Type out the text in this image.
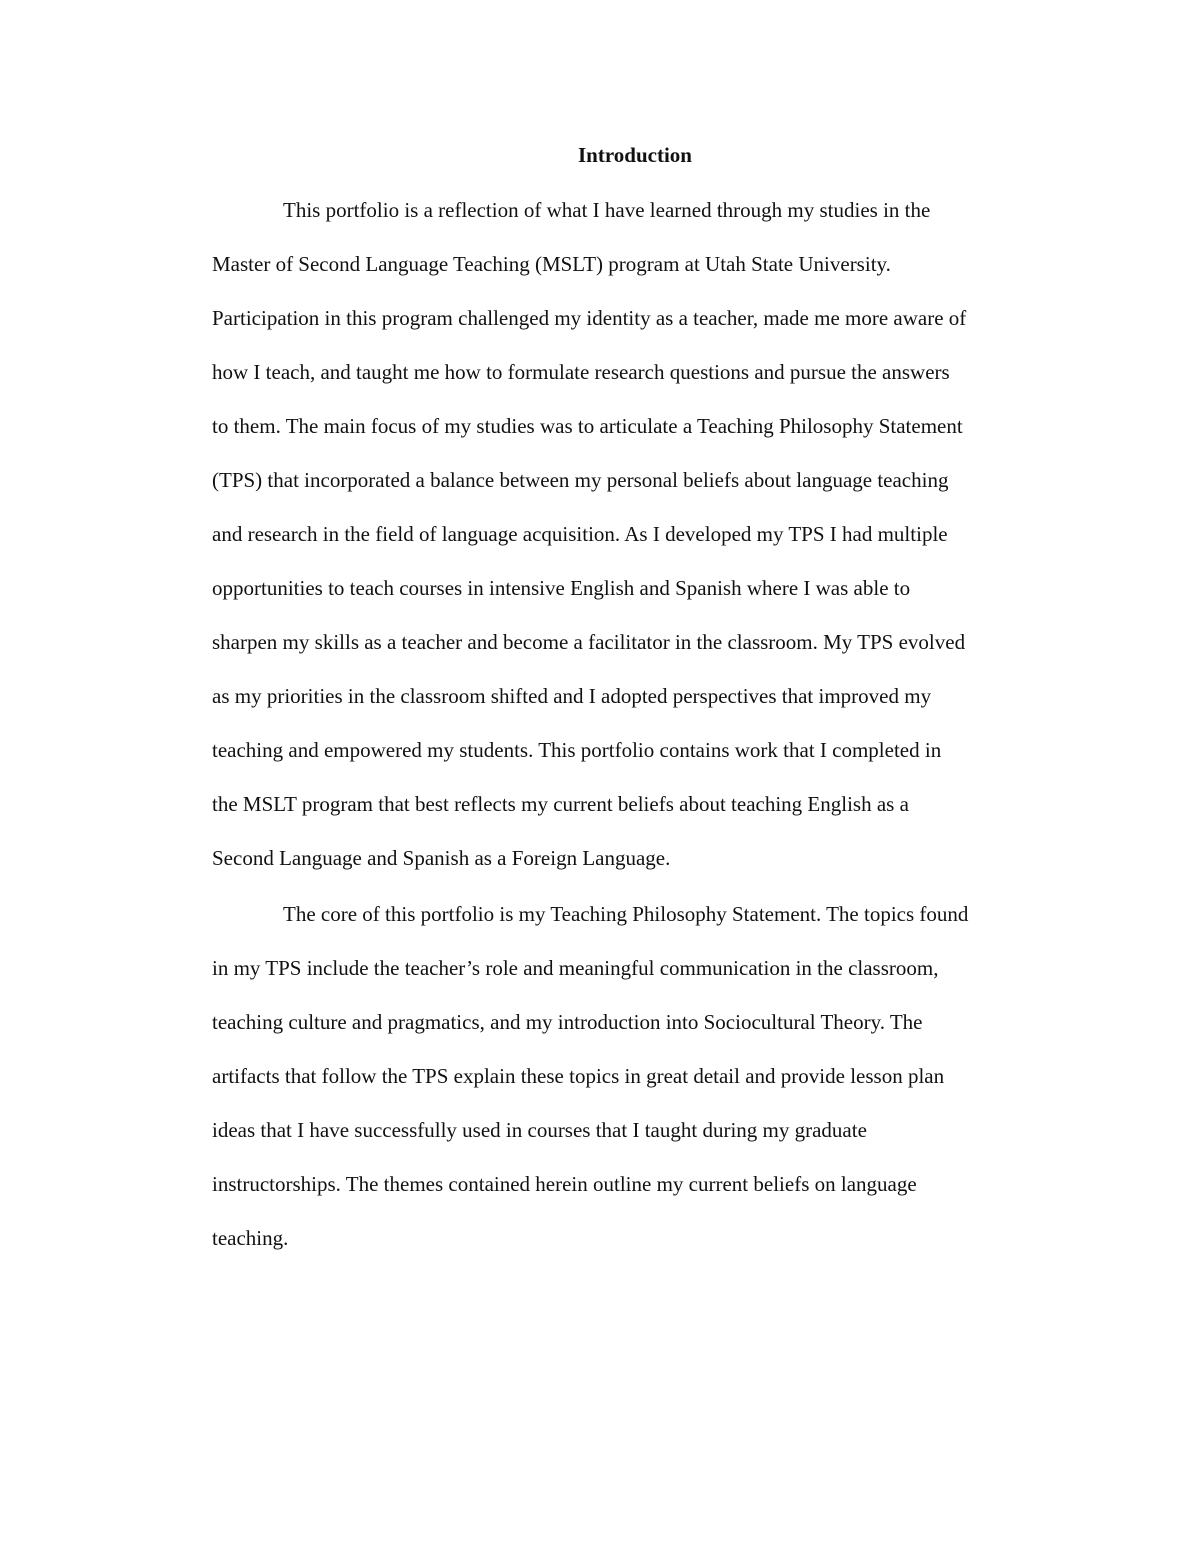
Introduction

This portfolio is a reflection of what I have learned through my studies in the

Master of Second Language Teaching (MSLT) program at Utah State University.

Participation in this program challenged my identity as a teacher, made me more aware of

how I teach, and taught me how to formulate research questions and pursue the answers

to them. The main focus of my studies was to articulate a Teaching Philosophy Statement

(TPS) that incorporated a balance between my personal beliefs about language teaching

and research in the field of language acquisition. As I developed my TPS I had multiple

opportunities to teach courses in intensive English and Spanish where I was able to

sharpen my skills as a teacher and become a facilitator in the classroom. My TPS evolved

as my priorities in the classroom shifted and I adopted perspectives that improved my

teaching and empowered my students. This portfolio contains work that I completed in

the MSLT program that best reflects my current beliefs about teaching English as a

Second Language and Spanish as a Foreign Language.

The core of this portfolio is my Teaching Philosophy Statement. The topics found

in my TPS include the teacher’s role and meaningful communication in the classroom,

teaching culture and pragmatics, and my introduction into Sociocultural Theory. The

artifacts that follow the TPS explain these topics in great detail and provide lesson plan

ideas that I have successfully used in courses that I taught during my graduate

instructorships. The themes contained herein outline my current beliefs on language

teaching.
